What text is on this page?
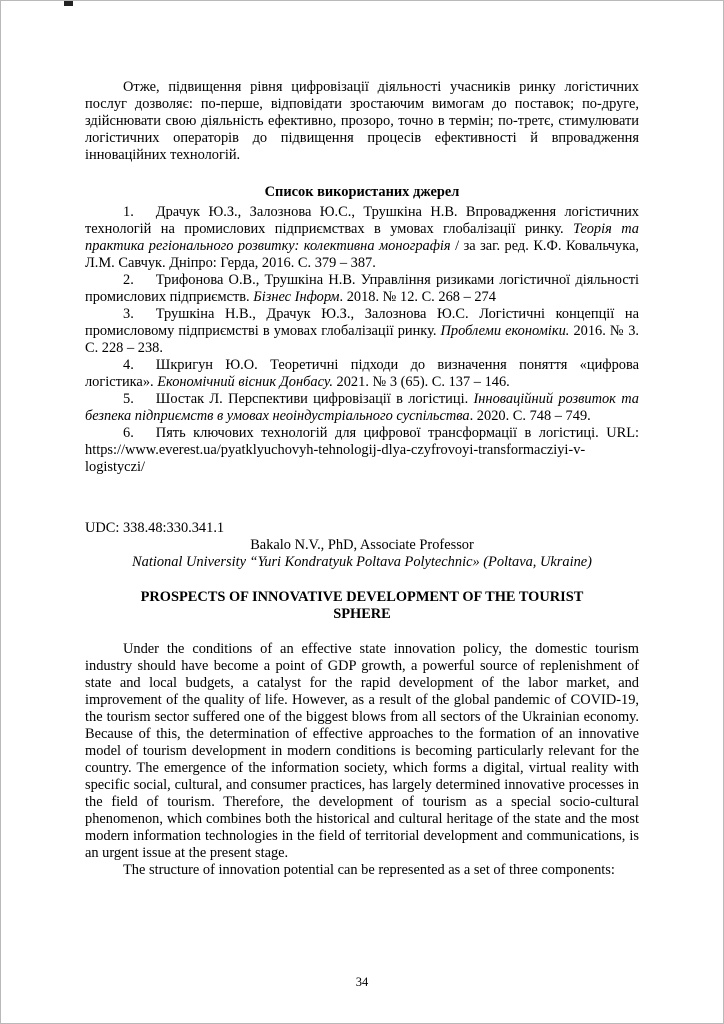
Отже, підвищення рівня цифровізації діяльності учасників ринку логістичних послуг дозволяє: по-перше, відповідати зростаючим вимогам до поставок; по-друге, здійснювати свою діяльність ефективно, прозоро, точно в термін; по-третє, стимулювати логістичних операторів до підвищення процесів ефективності й впровадження інноваційних технологій.

Список використаних джерел

1. Драчук Ю.З., Залознова Ю.С., Трушкіна Н.В. Впровадження логістичних технологій на промислових підприємствах в умовах глобалізації ринку. Теорія та практика регіонального розвитку: колективна монографія / за заг. ред. К.Ф. Ковальчука, Л.М. Савчук. Дніпро: Герда, 2016. С. 379 – 387.

2. Трифонова О.В., Трушкіна Н.В. Управління ризиками логістичної діяльності промислових підприємств. Бізнес Інформ. 2018. № 12. С. 268 – 274

3. Трушкіна Н.В., Драчук Ю.З., Залознова Ю.С. Логістичні концепції на промисловому підприємстві в умовах глобалізації ринку. Проблеми економіки. 2016. № 3. С. 228 – 238.

4. Шкригун Ю.О. Теоретичні підходи до визначення поняття «цифрова логістика». Економічний вісник Донбасу. 2021. № 3 (65). С. 137 – 146.

5. Шостак Л. Перспективи цифровізації в логістиці. Інноваційний розвиток та безпека підприємств в умовах неоіндустріального суспільства. 2020. С. 748 – 749.

6. Пять ключових технологій для цифрової трансформації в логістиці. URL: https://www.everest.ua/pyatklyuchovyh-tehnologij-dlya-czyfrovoyi-transformacziyi-v-logistyczi/

UDC: 338.48:330.341.1

Bakalo N.V., PhD, Associate Professor

National University “Yuri Kondratyuk Poltava Polytechnic» (Poltava, Ukraine)

PROSPECTS OF INNOVATIVE DEVELOPMENT OF THE TOURIST SPHERE

Under the conditions of an effective state innovation policy, the domestic tourism industry should have become a point of GDP growth, a powerful source of replenishment of state and local budgets, a catalyst for the rapid development of the labor market, and improvement of the quality of life. However, as a result of the global pandemic of COVID-19, the tourism sector suffered one of the biggest blows from all sectors of the Ukrainian economy. Because of this, the determination of effective approaches to the formation of an innovative model of tourism development in modern conditions is becoming particularly relevant for the country. The emergence of the information society, which forms a digital, virtual reality with specific social, cultural, and consumer practices, has largely determined innovative processes in the field of tourism. Therefore, the development of tourism as a special socio-cultural phenomenon, which combines both the historical and cultural heritage of the state and the most modern information technologies in the field of territorial development and communications, is an urgent issue at the present stage.

The structure of innovation potential can be represented as a set of three components:

34
